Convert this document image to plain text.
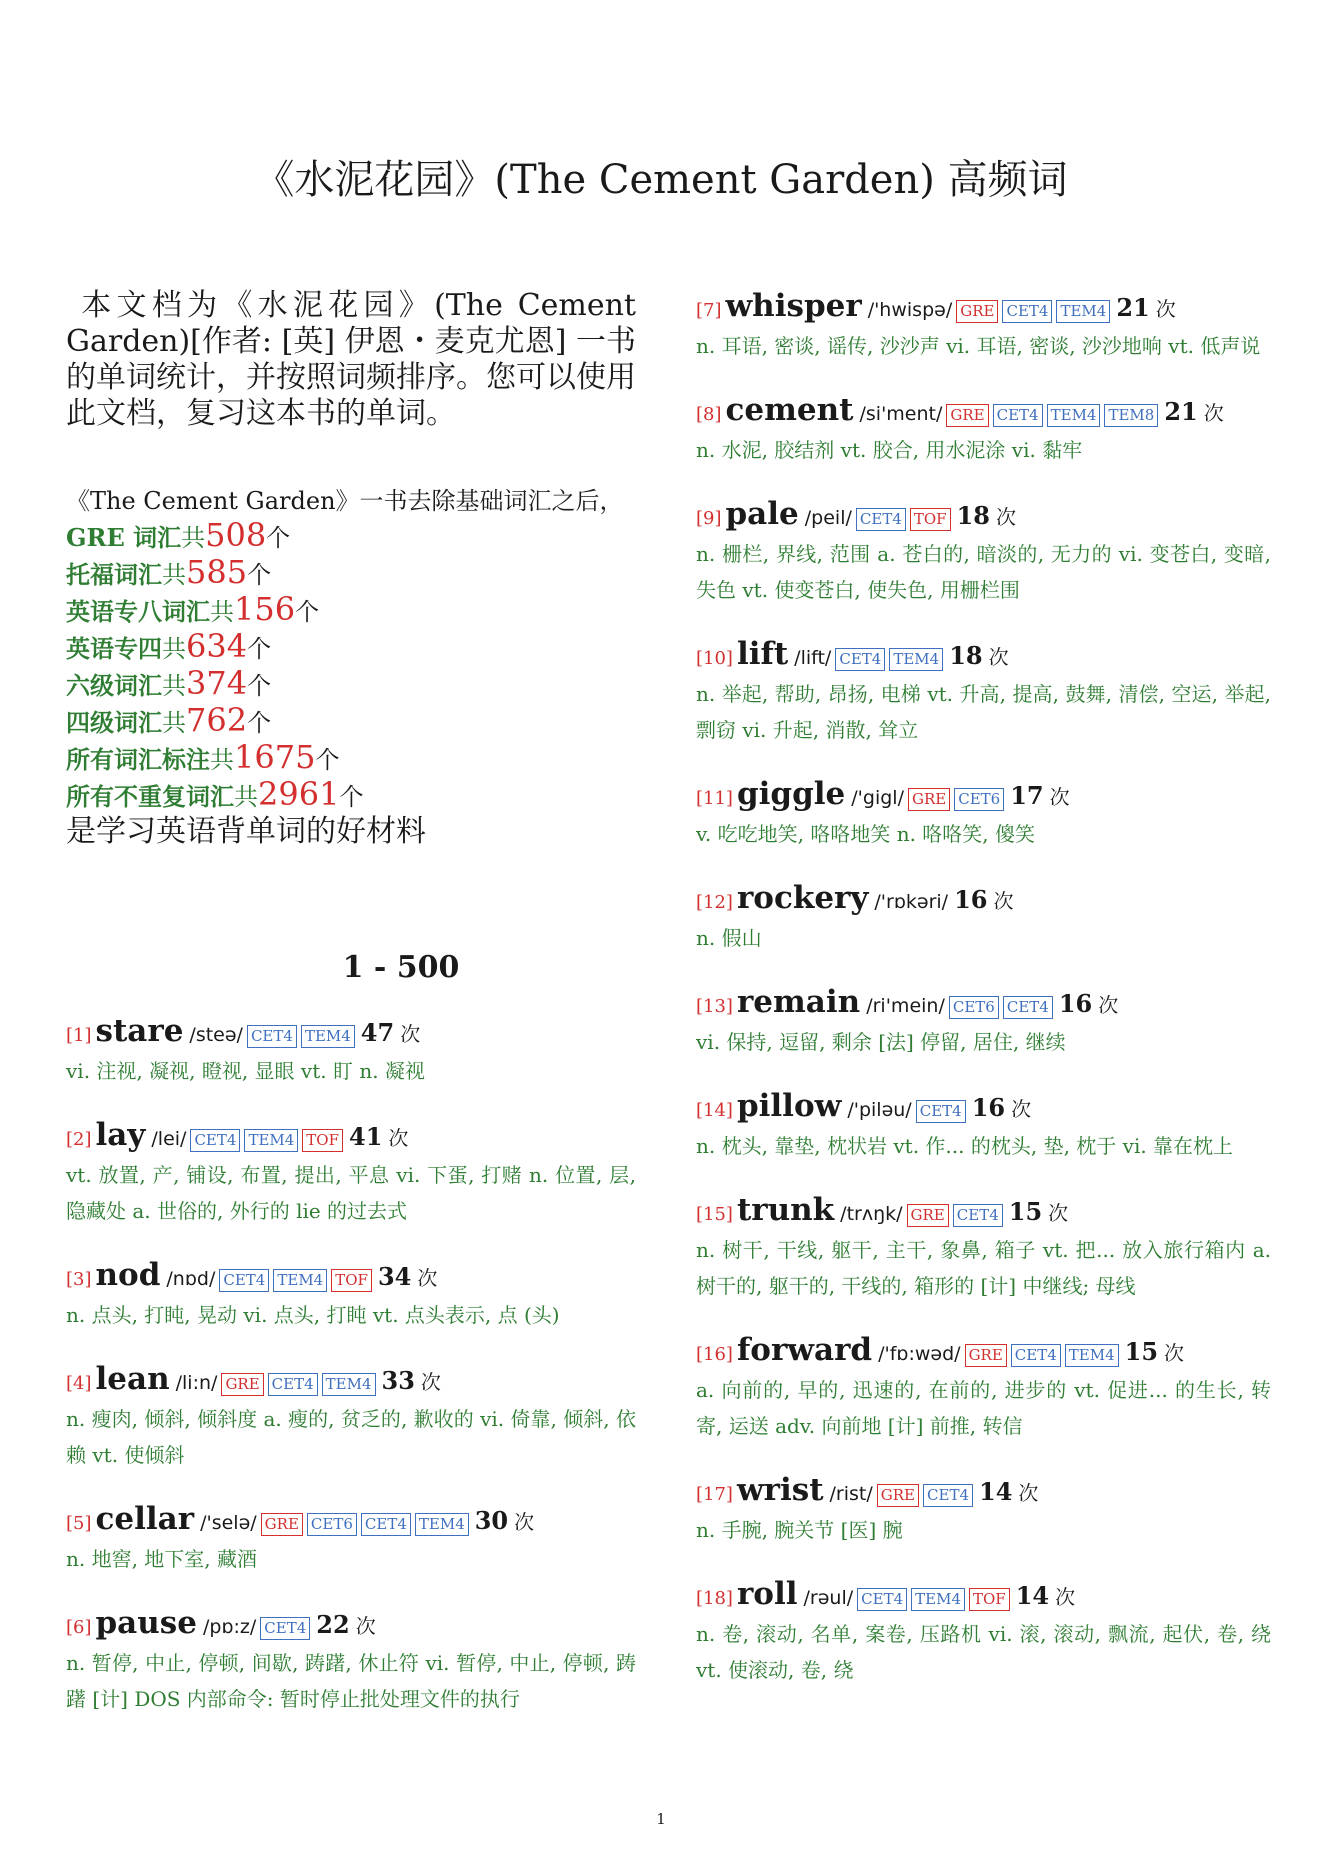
《水泥花园》(The Cement Garden) 高频词

本文档为《水泥花园》(The Cement Garden)[作者: [英] 伊恩・麦克尤恩] 一书的单词统计，并按照词频排序。您可以使用此文档，复习这本书的单词。

《The Cement Garden》一书去除基础词汇之后，

GRE 词汇共508个

托福词汇共585个

英语专八词汇共156个

英语专四共634个

六级词汇共374个

四级词汇共762个

所有词汇标注共1675个

所有不重复词汇共2961个

是学习英语背单词的好材料

1 - 500
[1] stare /steə/ CET4 TEM4 47 次
vi. 注视, 凝视, 瞪视, 显眼 vt. 盯 n. 凝视
[2] lay /lei/ CET4 TEM4 TOF 41 次
vt. 放置, 产, 铺设, 布置, 提出, 平息 vi. 下蛋, 打赌 n. 位置, 层, 隐藏处 a. 世俗的, 外行的 lie 的过去式
[3] nod /nɒd/ CET4 TEM4 TOF 34 次
n. 点头, 打盹, 晃动 vi. 点头, 打盹 vt. 点头表示, 点 (头)
[4] lean /li:n/ GRE CET4 TEM4 33 次
n. 瘦肉, 倾斜, 倾斜度 a. 瘦的, 贫乏的, 歉收的 vi. 倚靠, 倾斜, 依赖 vt. 使倾斜
[5] cellar /'selə/ GRE CET6 CET4 TEM4 30 次
n. 地窖, 地下室, 藏酒
[6] pause /pɒ:z/ CET4 22 次
n. 暂停, 中止, 停顿, 间歇, 踌躇, 休止符 vi. 暂停, 中止, 停顿, 踌躇 [计] DOS 内部命令: 暂时停止批处理文件的执行
[7] whisper /'hwispə/ GRE CET4 TEM4 21 次
n. 耳语, 密谈, 谣传, 沙沙声 vi. 耳语, 密谈, 沙沙地响 vt. 低声说
[8] cement /si'ment/ GRE CET4 TEM4 TEM8 21 次
n. 水泥, 胶结剂 vt. 胶合, 用水泥涂 vi. 黏牢
[9] pale /peil/ CET4 TOF 18 次
n. 栅栏, 界线, 范围 a. 苍白的, 暗淡的, 无力的 vi. 变苍白, 变暗, 失色 vt. 使变苍白, 使失色, 用栅栏围
[10] lift /lift/ CET4 TEM4 18 次
n. 举起, 帮助, 昂扬, 电梯 vt. 升高, 提高, 鼓舞, 清偿, 空运, 举起, 剽窃 vi. 升起, 消散, 耸立
[11] giggle /'gigl/ GRE CET6 17 次
v. 吃吃地笑, 咯咯地笑 n. 咯咯笑, 傻笑
[12] rockery /'rɒkəri/ 16 次
n. 假山
[13] remain /ri'mein/ CET6 CET4 16 次
vi. 保持, 逗留, 剩余 [法] 停留, 居住, 继续
[14] pillow /'piləu/ CET4 16 次
n. 枕头, 靠垫, 枕状岩 vt. 作... 的枕头, 垫, 枕于 vi. 靠在枕上
[15] trunk /trʌŋk/ GRE CET4 15 次
n. 树干, 干线, 躯干, 主干, 象鼻, 箱子 vt. 把... 放入旅行箱内 a. 树干的, 躯干的, 干线的, 箱形的 [计] 中继线; 母线
[16] forward /'fɒ:wəd/ GRE CET4 TEM4 15 次
a. 向前的, 早的, 迅速的, 在前的, 进步的 vt. 促进... 的生长, 转寄, 运送 adv. 向前地 [计] 前推, 转信
[17] wrist /rist/ GRE CET4 14 次
n. 手腕, 腕关节 [医] 腕
[18] roll /rəul/ CET4 TEM4 TOF 14 次
n. 卷, 滚动, 名单, 案卷, 压路机 vi. 滚, 滚动, 飘流, 起伏, 卷, 绕 vt. 使滚动, 卷, 绕
1
